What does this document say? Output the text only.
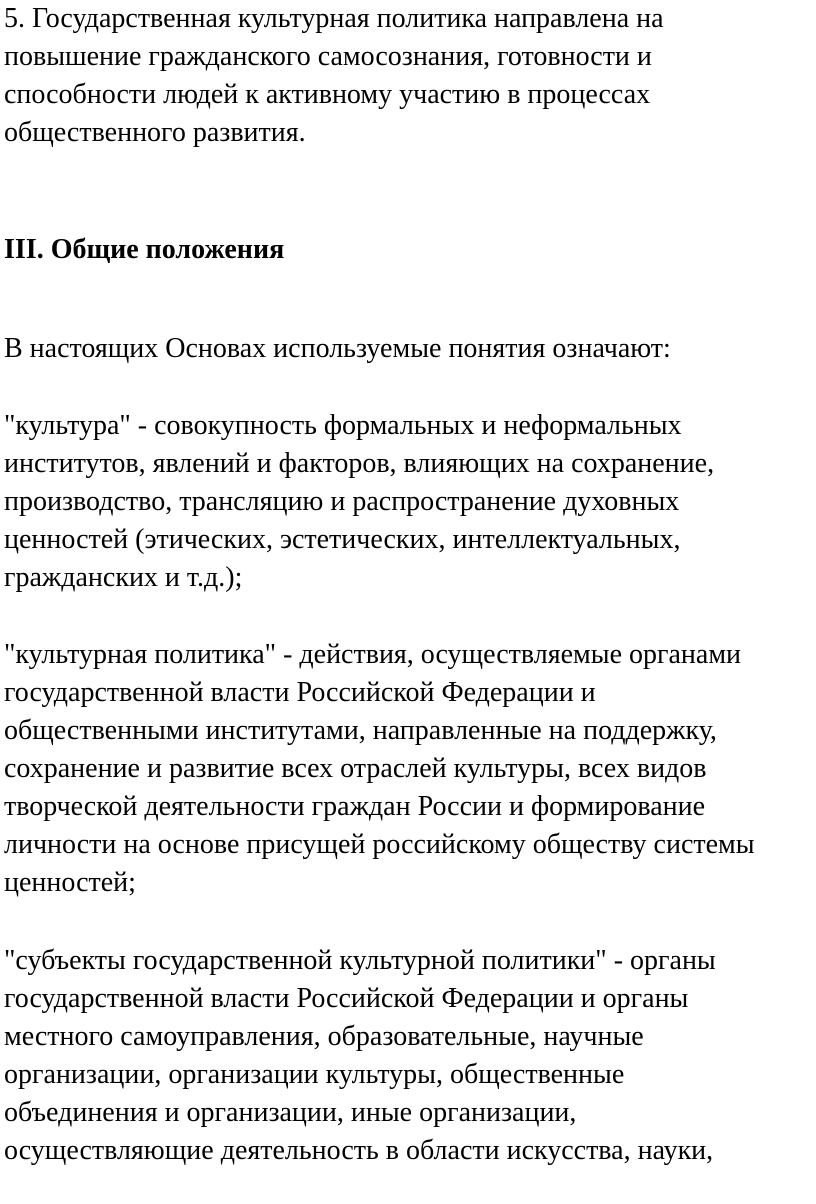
5. Государственная культурная политика направлена на
повышение гражданского самосознания, готовности и
способности людей к активному участию в процессах
общественного развития.
III. Общие положения
В настоящих Основах используемые понятия означают:
"культура" - совокупность формальных и неформальных
институтов, явлений и факторов, влияющих на сохранение,
производство, трансляцию и распространение духовных
ценностей (этических, эстетических, интеллектуальных,
гражданских и т.д.);
"культурная политика" - действия, осуществляемые органами
государственной власти Российской Федерации и
общественными институтами, направленные на поддержку,
сохранение и развитие всех отраслей культуры, всех видов
творческой деятельности граждан России и формирование
личности на основе присущей российскому обществу системы
ценностей;
"субъекты государственной культурной политики" - органы
государственной власти Российской Федерации и органы
местного самоуправления, образовательные, научные
организации, организации культуры, общественные
объединения и организации, иные организации,
осуществляющие деятельность в области искусства, науки,
